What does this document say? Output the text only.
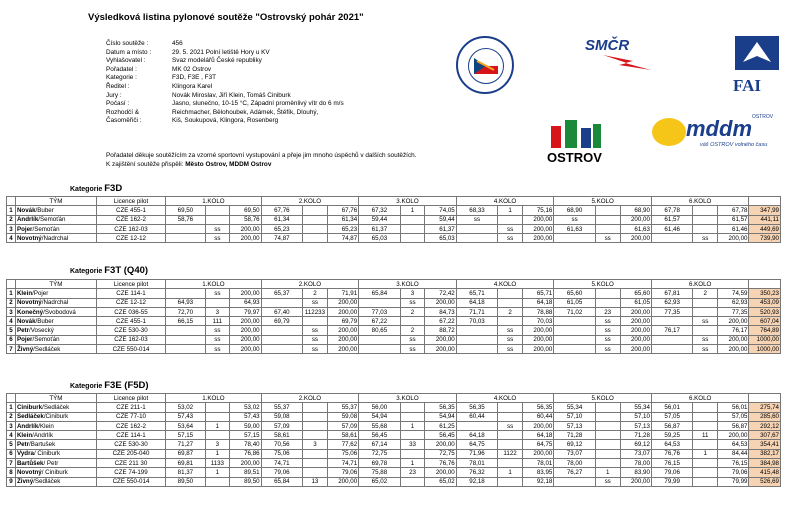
Výsledková listina pylonové soutěže "Ostrovský pohár 2021"
Číslo soutěže :	456
Datum a místo :	29. 5. 2021 Polní letiště Hory u KV
Vyhlašovatel :	Svaz modelářů České republiky
Pořadatel :	MK 02 Ostrov
Kategorie :	F3D, F3E , F3T
Ředitel :	Klingora Karel
Jury :	Novák Miroslav, Jiří Klein, Tomáš Ciniburk
Počasí :	Jasno, slunečno, 10-15 °C, Západní proměnlivý vítr do 6 m/s
Rozhodčí &	Reichmacher, Bělohoubek, Adámek, Štěfík, Dlouhý,
Časoměřiči :	Kiš, Soukupová, Klingora, Rosenberg
Pořadatel děkuje soutěžícím za vzorné sportovní vystupování a přeje jim mnoho úspěchů v dalších soutěžích.
K zajištění soutěže přispěli: Město Ostrov, MDDM Ostrov
SMČR
FAI
OSTROV
mddm OSTROV
váš OSTROV volného času
Kategorie F3D
	TÝM	Licence pilot	1.KOLO			2.KOLO			3.KOLO			4.KOLO			5.KOLO			6.KOLO			
1	Novák/Buber	CZE 455-1	69,50		69,50	67,76		67,76	67,32	1	74,05	68,33	1	75,16	68,90		68,90	67,78		67,78	347,99
2	Andrlík/Semoťán	CZE 162-2	58,76		58,76	61,34		61,34	59,44		59,44	ss		200,00	ss		200,00	61,57		61,57	441,11
3	Pojer/Semoťán	CZE 162-03		ss	200,00	65,23		65,23	61,37		61,37		ss	200,00	61,63		61,63	61,46		61,46	449,69
4	Novotný/Nadrchal	CZE 12-12		ss	200,00	74,87		74,87	65,03		65,03		ss	200,00		ss	200,00		ss	200,00	739,90
Kategorie F3T (Q40)
	TÝM	Licence pilot	1.KOLO			2.KOLO			3.KOLO			4.KOLO			5.KOLO			6.KOLO			
1	Klein/Pojer	CZE 114-1		ss	200,00	65,37	2	71,91	65,84	3	72,42	65,71		65,71	65,60		65,60	67,81	2	74,59	350,23
2	Novotný/Nadrchal	CZE 12-12	64,93		64,93		ss	200,00		ss	200,00	64,18		64,18	61,05		61,05	62,93		62,93	453,09
3	Konečný/Svobodová	CZE 036-55	72,70	3	79,97	67,40	112233	200,00	77,03	2	84,73	71,71	2	78,88	71,02	23	200,00	77,35		77,35	520,93
4	Novák/Buber	CZE 455-1	66,15	111	200,00	69,79		69,79	67,22		67,22	70,03		70,03		ss	200,00		ss	200,00	607,04
5	Petr/Vosecký	CZE 530-30		ss	200,00		ss	200,00	80,65	2	88,72		ss	200,00		ss	200,00	76,17		76,17	764,89
6	Pojer/Semoťán	CZE 162-03		ss	200,00		ss	200,00		ss	200,00		ss	200,00		ss	200,00		ss	200,00	1000,00
7	Živný/Sedláček	CZE 550-014		ss	200,00		ss	200,00		ss	200,00		ss	200,00		ss	200,00		ss	200,00	1000,00
Kategorie F3E (F5D)
	TÝM	Licence pilot	1.KOLO			2.KOLO			3.KOLO			4.KOLO			5.KOLO			6.KOLO			
1	Ciniburk/Sedláček	CZE 211-1	53,02		53,02	55,37		55,37	56,00		56,35	56,35		56,35	55,34		55,34	56,01		56,01	275,74
2	Sedláček/Ciniburk	CZE 77-10	57,43		57,43	59,08		59,08	54,94		54,94	60,44		60,44	57,10		57,10	57,05		57,05	285,60
3	Andrlík/Klein	CZE 162-2	53,64	1	59,00	57,09		57,09	55,68	1	61,25		ss	200,00	57,13		57,13	56,87		56,87	292,12
4	Klein/Andrlík	CZE 114-1	57,15		57,15	58,61		58,61	56,45		56,45	64,18		64,18	71,28		71,28	59,25	11	200,00	307,67
5	Petr/Bartušek	CZE 530-30	71,27	3	78,40	70,56	3	77,62	67,14	33	200,00	64,75		64,75	69,12		69,12	64,53		64,53	354,41
6	Vydra/ Ciniburk	CZE 205-040	69,87	1	76,86	75,06		75,06	72,75		72,75	71,96	1122	200,00	73,07		73,07	76,76	1	84,44	382,17
7	Bartůšek/ Petr	CZE 211 30	69,81	1133	200,00	74,71		74,71	69,78	1	76,76	78,01		78,01	78,00		78,00	76,15		76,15	384,98
8	Novotný/ Ciniburk	CZE 74-199	81,37	1	89,51	79,06		79,06	75,88	23	200,00	76,32	1	83,95	76,27	1	83,90	79,06		79,06	415,48
9	Živný/Sedláček	CZE 550-014	89,50		89,50	65,84	13	200,00	65,02		65,02	92,18		92,18		ss	200,00	79,99		79,99	526,69
